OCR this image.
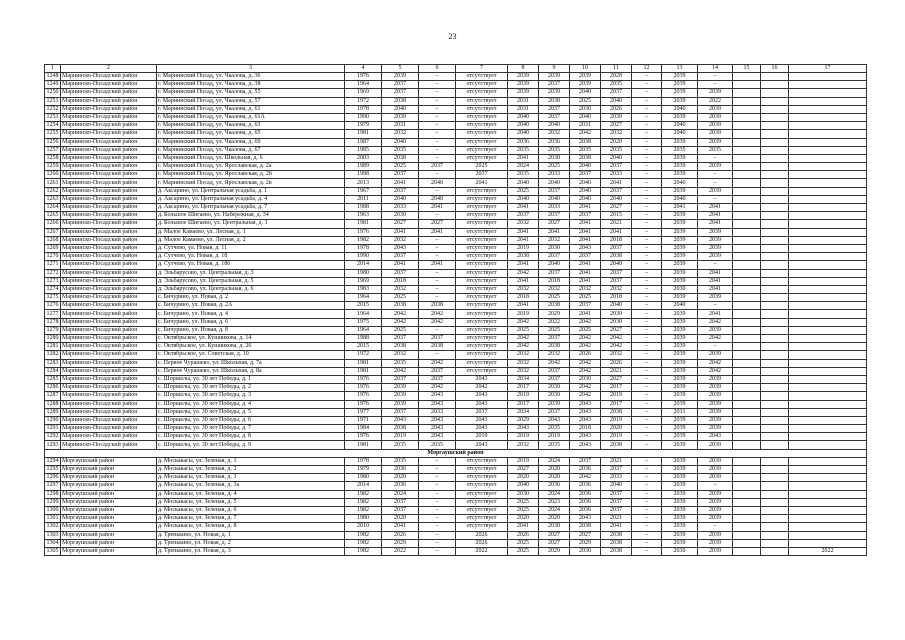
23
1	2	3	4	5	6	7	8	9	10	11	12	13	14	15	16	17
1248	Мариинско-Посадский район	г. Мариинский Посад, ул. Чкалова, д. 36	1976	2039	–	отсутствует	2039	2039	2039	2028	–	2039	–			
1249	Мариинско-Посадский район	г. Мариинский Посад, ул. Чкалова, д. 38	1964	2037	–	отсутствует	2039	2037	2039	2035	–	2039	–			
1250	Мариинско-Посадский район	г. Мариинский Посад, ул. Чкалова, д. 55	1969	2037	–	отсутствует	2039	2039	2040	2037	–	2039	2039			
1251	Мариинско-Посадский район	г. Мариинский Посад, ул. Чкалова, д. 57	1972	2038	–	отсутствует	2031	2038	2025	2040	–	2039	2022			
1252	Мариинско-Посадский район	г. Мариинский Посад, ул. Чкалова, д. 61	1978	2040	–	отсутствует	2031	2037	2030	2026	–	2040	2039			
1253	Мариинско-Посадский район	г. Мариинский Посад, ул. Чкалова, д. 61А	1990	2039	–	отсутствует	2040	2037	2040	2039	–	2039	2039			
1254	Мариинско-Посадский район	г. Мариинский Посад, ул. Чкалова, д. 63	1979	2031	–	отсутствует	2040	2040	2031	2027	–	2040	2039			
1255	Мариинско-Посадский район	г. Мариинский Посад, ул. Чкалова, д. 65	1981	2032	–	отсутствует	2040	2032	2042	2032	–	2040	2039			
1256	Мариинско-Посадский район	г. Мариинский Посад, ул. Чкалова, д. 69	1987	2040	–	отсутствует	2036	2036	2038	2020	–	2039	2039			
1257	Мариинско-Посадский район	г. Мариинский Посад, ул. Чкалова, д. 67	1985	2035	–	отсутствует	2035	2035	2035	2035	–	2035	2035			
1258	Мариинско-Посадский район	г. Мариинский Посад, ул. Школьная, д. 6	2003	2038	–	отсутствует	2041	2038	2038	2040	–	2039	–			
1259	Мариинско-Посадский район	г. Мариинский Посад, ул. Ярославская, д. 2а	1989	2025	2037	2025	2024	2025	2040	2037	–	2039	2039			
1260	Мариинско-Посадский район	г. Мариинский Посад, ул. Ярославская, д. 2б	1998	2037	–	2037	2035	2033	2037	2033	–	2039	–			
1261	Мариинско-Посадский район	г. Мариинский Посад, ул. Ярославская, д. 2в	2013	2041	2040	2041	2040	2040	2040	2041	–	2040	–			
1262	Мариинско-Посадский район	д. Аксарино, ул. Центральная усадьба, д. 1	1967	2037	–	отсутствует	2025	2037	2040	2037	–	2039	2039			
1263	Мариинско-Посадский район	д. Аксарино, ул. Центральная усадьба, д. 4	2011	2040	2040	отсутствует	2040	2040	2040	2040	–	2040	–			
1264	Мариинско-Посадский район	д. Аксарино, ул. Центральная усадьба, д. 7	1988	2033	2041	отсутствует	2041	2033	2041	2027	–	2041	2041			
1265	Мариинско-Посадский район	д. Большое Шигаево, ул. Набережная, д. 34	1963	2030	–	отсутствует	2037	2037	2037	2015	–	2039	2041			
1266	Мариинско-Посадский район	д. Большое Шигаево, ул. Центральная, д. 1	1981	2027	2027	отсутствует	2032	2027	2041	2021	–	2039	2041			
1267	Мариинско-Посадский район	д. Малое Камаево, ул. Лесная, д. 1	1976	2041	2041	отсутствует	2041	2041	2041	2041	–	2039	2039			
1268	Мариинско-Посадский район	д. Малое Камаево, ул. Лесная, д. 2	1982	2032	–	отсутствует	2041	2032	2041	2018	–	2039	2039			
1269	Мариинско-Посадский район	д. Сутчево, ул. Новая, д. 11	1978	2043	–	отсутствует	2019	2030	2043	2037	–	2039	2039			
1270	Мариинско-Посадский район	д. Сутчево, ул. Новая, д. 18	1990	2037	–	отсутствует	2038	2037	2037	2038	–	2039	2039			
1271	Мариинско-Посадский район	д. Сутчево, ул. Новая, д. 18б	2014	2041	2041	отсутствует	2041	2040	2041	2040	–	2039	–			
1272	Мариинско-Посадский район	д. Эльбарусово, ул. Центральная, д. 3	1980	2037	–	отсутствует	2042	2037	2041	2037	–	2039	2041			
1273	Мариинско-Посадский район	д. Эльбарусово, ул. Центральная, д. 5	1969	2018	–	отсутствует	2041	2018	2041	2037	–	2039	2041			
1274	Мариинско-Посадский район	д. Эльбарусово, ул. Центральная, д. 6	1983	2032	–	отсутствует	2032	2032	2032	2032	–	2030	2041			
1275	Мариинско-Посадский район	с. Бичурино, ул. Новая, д. 2	1964	2025	–	отсутствует	2018	2025	2025	2018	–	2039	2039			
1276	Мариинско-Посадский район	с. Бичурино, ул. Новая, д. 2А	2015	2038	2038	отсутствует	2041	2038	2037	2040	–	2040	–			
1277	Мариинско-Посадский район	с. Бичурино, ул. Новая, д. 4	1964	2042	2042	отсутствует	2019	2029	2041	2030	–	2039	2041			
1278	Мариинско-Посадский район	с. Бичурино, ул. Новая, д. 6	1975	2042	2042	отсутствует	2042	2022	2042	2030	–	2039	2042			
1279	Мариинско-Посадский район	с. Бичурино, ул. Новая, д. 8	1964	2025	–	отсутствует	2025	2025	2025	2027	–	2039	2039			
1280	Мариинско-Посадский район	с. Октябрьское, ул. Кушникова, д. 14	1988	2037	2037	отсутствует	2042	2037	2042	2042	–	2039	2042			
1281	Мариинско-Посадский район	с. Октябрьское, ул. Кушникова, д. 26	2015	2038	2038	отсутствует	2042	2038	2042	2042	–	2039	–			
1282	Мариинско-Посадский район	с. Октябрьское, ул. Советская, д. 10	1972	2032	–	отсутствует	2032	2032	2026	2032	–	2039	2039			
1283	Мариинско-Посадский район	с. Первое Чурашево, ул. Школьная, д. 7а	1981	2035	2042	отсутствует	2032	2042	2042	2026	–	2039	2042			
1284	Мариинско-Посадский район	с. Первое Чурашево, ул. Школьная, д. 8а	1981	2042	2037	отсутствует	2032	2037	2042	2021	–	2039	2042			
1285	Мариинско-Посадский район	с. Шоршелы, ул. 30 лет Победы, д. 1	1976	2037	2037	2043	2034	2037	2030	2027	–	2039	2039			
1286	Мариинско-Посадский район	с. Шоршелы, ул. 30 лет Победы, д. 2	1976	2039	2042	2042	2017	2039	2042	2017	–	2039	2039			
1287	Мариинско-Посадский район	с. Шоршелы, ул. 30 лет Победы, д. 3	1976	2039	2043	2043	2019	2039	2042	2019	–	2039	2039			
1288	Мариинско-Посадский район	с. Шоршелы, ул. 30 лет Победы, д. 4	1976	2039	2043	2043	2017	2039	2043	2017	–	2039	2039			
1289	Мариинско-Посадский район	с. Шоршелы, ул. 30 лет Победы, д. 5	1977	2037	2033	2037	2034	2037	2043	2038	–	2031	2039			
1290	Мариинско-Посадский район	с. Шоршелы, ул. 30 лет Победы, д. 6	1971	2043	2043	2043	2029	2043	2043	2019	–	2039	2039			
1291	Мариинско-Посадский район	с. Шоршелы, ул. 30 лет Победы, д. 7	1984	2038	2043	2043	2043	2035	2018	2020	–	2039	2039			
1292	Мариинско-Посадский район	с. Шоршелы, ул. 30 лет Победы, д. 8	1976	2019	2043	2019	2019	2019	2043	2019	–	2039	2043			
1293	Мариинско-Посадский район	с. Шоршелы, ул. 30 лет Победы, д. 9	1981	2035	2035	2043	2032	2035	2043	2038	–	2039	2039			
Моргаушский район																
1294	Моргаушский район	д. Москакасы, ул. Зеленая, д. 1	1978	2035	–	отсутствует	2019	2024	2037	2021	–	2039	2039			
1295	Моргаушский район	д. Москакасы, ул. Зеленая, д. 2	1979	2036	–	отсутствует	2027	2020	2036	2037	–	2039	2039			
1296	Моргаушский район	д. Москакасы, ул. Зеленая, д. 3	1980	2020	–	отсутствует	2020	2020	2042	2033	–	2039	2039			
1297	Моргаушский район	д. Москакасы, ул. Зеленая, д. 3а	2014	2036	–	отсутствует	2040	2036	2036	2040	–	2039	–			
1298	Моргаушский район	д. Москакасы, ул. Зеленая, д. 4	1982	2024	–	отсутствует	2030	2024	2036	2037	–	2039	2039			
1299	Моргаушский район	д. Москакасы, ул. Зеленая, д. 5	1982	2037	–	отсутствует	2025	2023	2036	2037	–	2039	2039			
1300	Моргаушский район	д. Москакасы, ул. Зеленая, д. 6	1982	2037	–	отсутствует	2025	2024	2036	2037	–	2039	2039			
1301	Моргаушский район	д. Москакасы, ул. Зеленая, д. 7	1980	2020	–	отсутствует	2020	2020	2043	2021	–	2039	2039			
1302	Моргаушский район	д. Москакасы, ул. Зеленая, д. 8	2010	2041	–	отсутствует	2041	2038	2038	2041	–	2039	–			
1303	Моргаушский район	д. Тренькино, ул. Новая, д. 1	1982	2026	–	2026	2026	2027	2027	2038	–	2039	2039			
1304	Моргаушский район	д. Тренькино, ул. Новая, д. 2	1982	2029	–	2026	2025	2027	2029	2038	–	2039	2039			
1305	Моргаушский район	д. Тренькино, ул. Новая, д. 3	1982	2022	–	2022	2025	2029	2030	2038	–	2030	2039			2022
